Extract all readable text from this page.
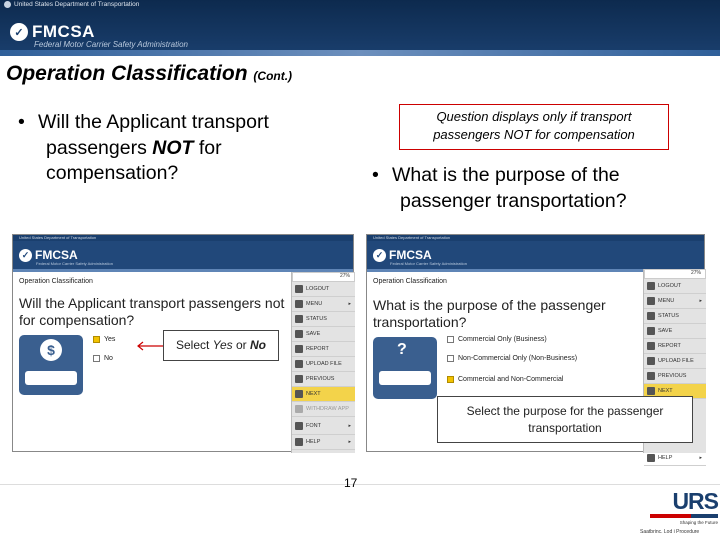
United States Department of Transportation
✓ FMCSA
Federal Motor Carrier Safety Administration
Operation Classification (Cont.)
• Will the Applicant transport
passengers NOT for
compensation?
Question displays only if transport
passengers NOT for compensation
• What is the purpose of the
passenger transportation?
United States Department of Transportation
✓ FMCSA
Federal Motor Carrier Safety Administration
Operation Classification
Will the Applicant transport passengers not
for compensation?
$
Yes
No
27%
LOGOUT
MENU	▸
STATUS
SAVE
REPORT
UPLOAD FILE
PREVIOUS
NEXT
WITHDRAW APP
FONT	▸
HELP	▸
Select Yes or No
United States Department of Transportation
✓ FMCSA
Federal Motor Carrier Safety Administration
Operation Classification
What is the purpose of the passenger
transportation?
?
Commercial Only (Business)
Non-Commercial Only (Non-Business)
Commercial and Non-Commercial
27%
LOGOUT
MENU	▸
STATUS
SAVE
REPORT
UPLOAD FILE
PREVIOUS
NEXT
HELP	▸
Select the purpose for the passenger
transportation
17
URS
Shaping the Future
Saatbrinc. Lod i Procedure
